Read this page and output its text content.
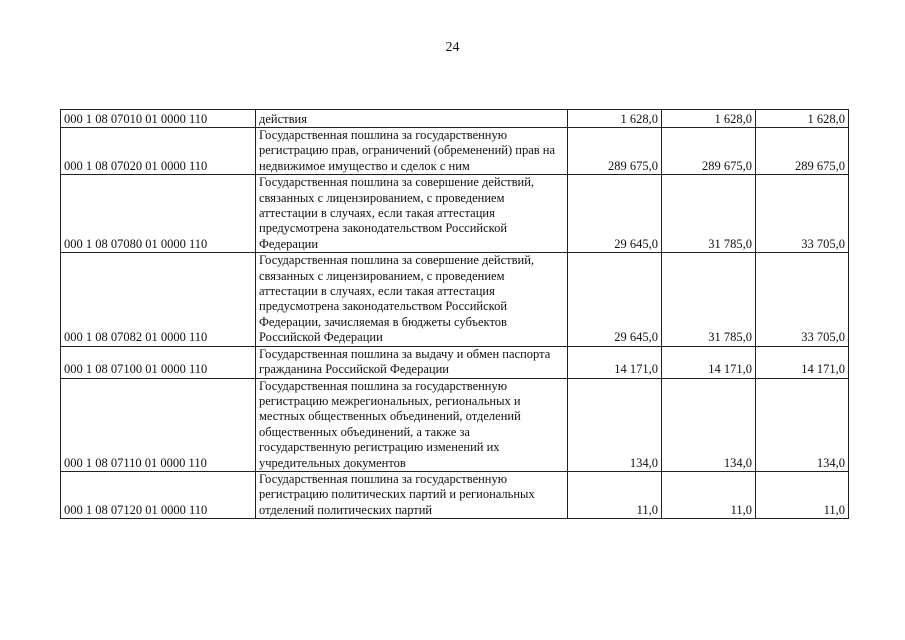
24
000 1 08 07010 01 0000 110	действия	1 628,0	1 628,0	1 628,0
000 1 08 07020 01 0000 110	Государственная пошлина за государственную регистрацию прав, ограничений (обременений) прав на недвижимое имущество и сделок с ним	289 675,0	289 675,0	289 675,0
000 1 08 07080 01 0000 110	Государственная пошлина за совершение действий, связанных с лицензированием, с проведением аттестации в случаях, если такая аттестация предусмотрена законодательством Российской Федерации	29 645,0	31 785,0	33 705,0
000 1 08 07082 01 0000 110	Государственная пошлина за совершение действий, связанных с лицензированием, с проведением аттестации в случаях, если такая аттестация предусмотрена законодательством Российской Федерации, зачисляемая в бюджеты субъектов Российской Федерации	29 645,0	31 785,0	33 705,0
000 1 08 07100 01 0000 110	Государственная пошлина за выдачу и обмен паспорта гражданина Российской Федерации	14 171,0	14 171,0	14 171,0
000 1 08 07110 01 0000 110	Государственная пошлина за государственную регистрацию межрегиональных, региональных и местных общественных объединений, отделений общественных объединений, а также за государственную регистрацию изменений их учредительных документов	134,0	134,0	134,0
000 1 08 07120 01 0000 110	Государственная пошлина за государственную регистрацию политических партий и региональных отделений политических партий	11,0	11,0	11,0
